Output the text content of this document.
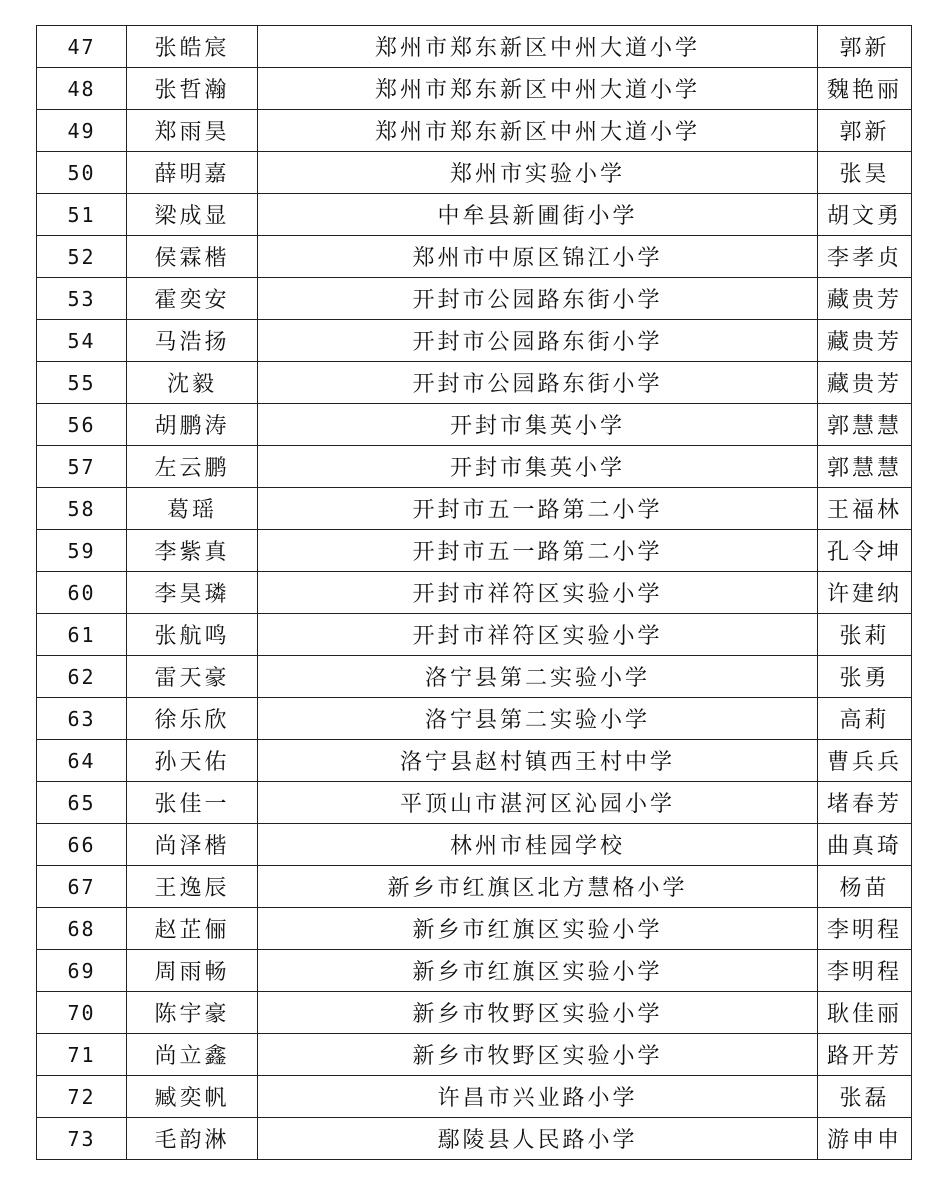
47	张皓宸	郑州市郑东新区中州大道小学	郭新
48	张哲瀚	郑州市郑东新区中州大道小学	魏艳丽
49	郑雨昊	郑州市郑东新区中州大道小学	郭新
50	薛明嘉	郑州市实验小学	张昊
51	梁成显	中牟县新圃街小学	胡文勇
52	侯霖楷	郑州市中原区锦江小学	李孝贞
53	霍奕安	开封市公园路东街小学	藏贵芳
54	马浩扬	开封市公园路东街小学	藏贵芳
55	沈毅	开封市公园路东街小学	藏贵芳
56	胡鹏涛	开封市集英小学	郭慧慧
57	左云鹏	开封市集英小学	郭慧慧
58	葛瑶	开封市五一路第二小学	王福林
59	李紫真	开封市五一路第二小学	孔令坤
60	李昊璘	开封市祥符区实验小学	许建纳
61	张航鸣	开封市祥符区实验小学	张莉
62	雷天豪	洛宁县第二实验小学	张勇
63	徐乐欣	洛宁县第二实验小学	高莉
64	孙天佑	洛宁县赵村镇西王村中学	曹兵兵
65	张佳一	平顶山市湛河区沁园小学	堵春芳
66	尚泽楷	林州市桂园学校	曲真琦
67	王逸辰	新乡市红旗区北方慧格小学	杨苗
68	赵芷俪	新乡市红旗区实验小学	李明程
69	周雨畅	新乡市红旗区实验小学	李明程
70	陈宇豪	新乡市牧野区实验小学	耿佳丽
71	尚立鑫	新乡市牧野区实验小学	路开芳
72	臧奕帆	许昌市兴业路小学	张磊
73	毛韵淋	鄢陵县人民路小学	游申申
